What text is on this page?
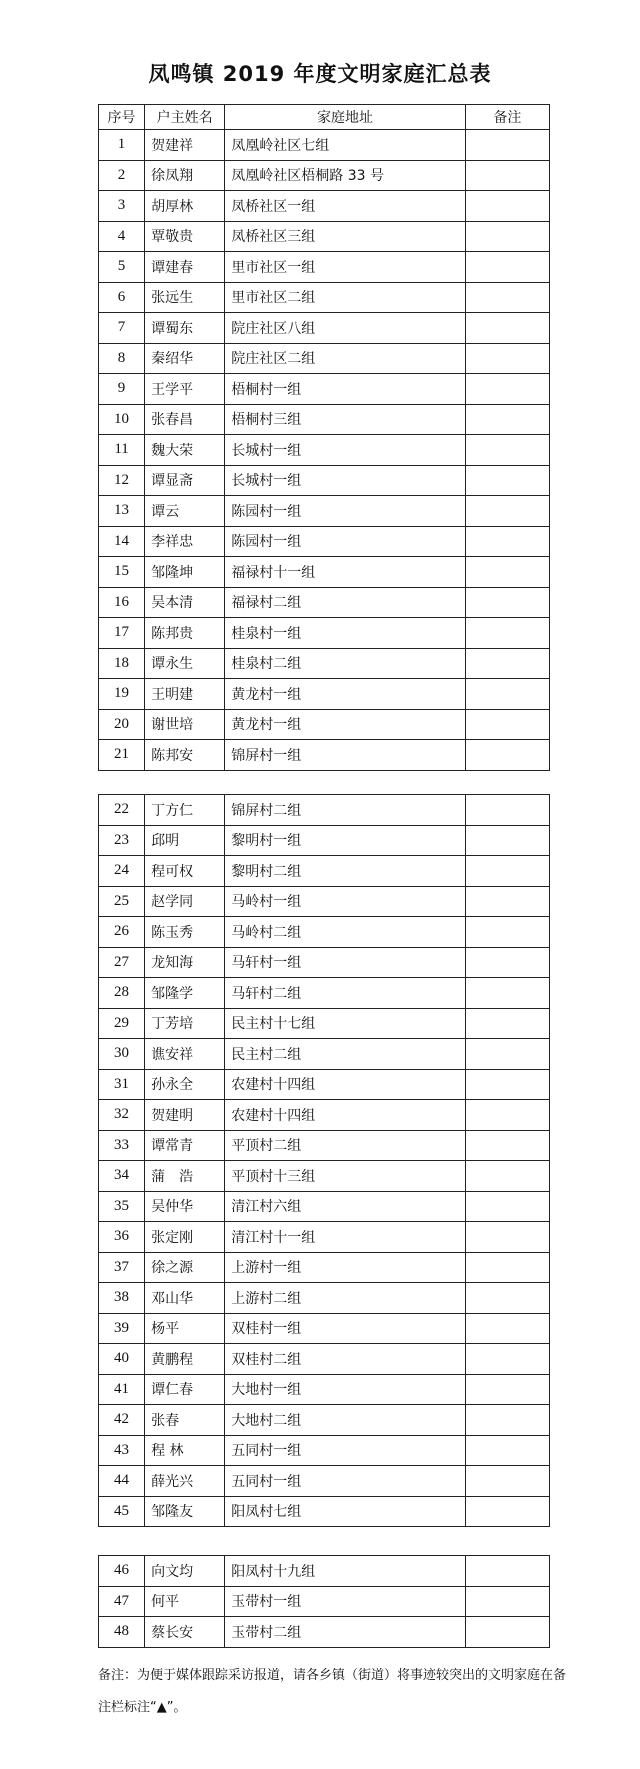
凤鸣镇 2019 年度文明家庭汇总表
序号	户主姓名	家庭地址	备注
1	贺建祥	凤凰岭社区七组	
2	徐凤翔	凤凰岭社区梧桐路 33 号	
3	胡厚林	凤桥社区一组	
4	覃敬贵	凤桥社区三组	
5	谭建春	里市社区一组	
6	张远生	里市社区二组	
7	谭蜀东	院庄社区八组	
8	秦绍华	院庄社区二组	
9	王学平	梧桐村一组	
10	张春昌	梧桐村三组	
11	魏大荣	长城村一组	
12	谭显斋	长城村一组	
13	谭云	陈园村一组	
14	李祥忠	陈园村一组	
15	邹隆坤	福禄村十一组	
16	吴本清	福禄村二组	
17	陈邦贵	桂泉村一组	
18	谭永生	桂泉村二组	
19	王明建	黄龙村一组	
20	谢世培	黄龙村一组	
21	陈邦安	锦屏村一组	
22	丁方仁	锦屏村二组	
23	邱明	黎明村一组	
24	程可权	黎明村二组	
25	赵学同	马岭村一组	
26	陈玉秀	马岭村二组	
27	龙知海	马轩村一组	
28	邹隆学	马轩村二组	
29	丁芳培	民主村十七组	
30	谯安祥	民主村二组	
31	孙永全	农建村十四组	
32	贺建明	农建村十四组	
33	谭常青	平顶村二组	
34	蒲　浩	平顶村十三组	
35	吴仲华	清江村六组	
36	张定刚	清江村十一组	
37	徐之源	上游村一组	
38	邓山华	上游村二组	
39	杨平	双桂村一组	
40	黄鹏程	双桂村二组	
41	谭仁春	大地村一组	
42	张春	大地村二组	
43	程 林	五同村一组	
44	薛光兴	五同村一组	
45	邹隆友	阳凤村七组	
46	向文均	阳凤村十九组	
47	何平	玉带村一组	
48	蔡长安	玉带村二组	
备注：为便于媒体跟踪采访报道，请各乡镇（街道）将事迹较突出的文明家庭在备
注栏标注“▲”。
